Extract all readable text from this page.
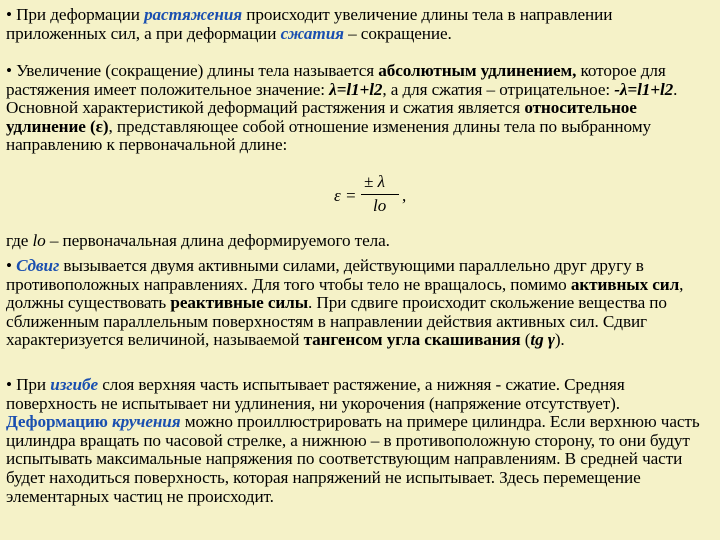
• При деформации растяжения происходит увеличение длины тела в направлении приложенных сил, а при деформации сжатия – сокращение.

• Увеличение (сокращение) длины тела называется абсолютным удлинением, которое для растяжения имеет положительное значение: λ=l1+l2, а для сжатия – отрицательное: -λ=l1+l2. Основной характеристикой деформаций растяжения и сжатия является относительное удлинение (ε), представляющее собой отношение изменения длины тела по выбранному направлению к первоначальной длине:

ε =
± λ
lo
,

где lo – первоначальная длина деформируемого тела.

• Сдвиг вызывается двумя активными силами, действующими параллельно друг другу в противоположных направлениях. Для того чтобы тело не вращалось, помимо активных сил, должны существовать реактивные силы. При сдвиге происходит скольжение вещества по сближенным параллельным поверхностям в направлении действия активных сил. Сдвиг характеризуется величиной, называемой тангенсом угла скашивания (tg γ).

• При изгибе слоя верхняя часть испытывает растяжение, а нижняя - сжатие. Средняя поверхность не испытывает ни удлинения, ни укорочения (напряжение отсутствует). Деформацию кручения можно проиллюстрировать на примере цилиндра. Если верхнюю часть цилиндра вращать по часовой стрелке, а нижнюю – в противоположную сторону, то они будут испытывать максимальные напряжения по соответствующим направлениям. В средней части будет находиться поверхность, которая напряжений не испытывает. Здесь перемещение элементарных частиц не происходит.
